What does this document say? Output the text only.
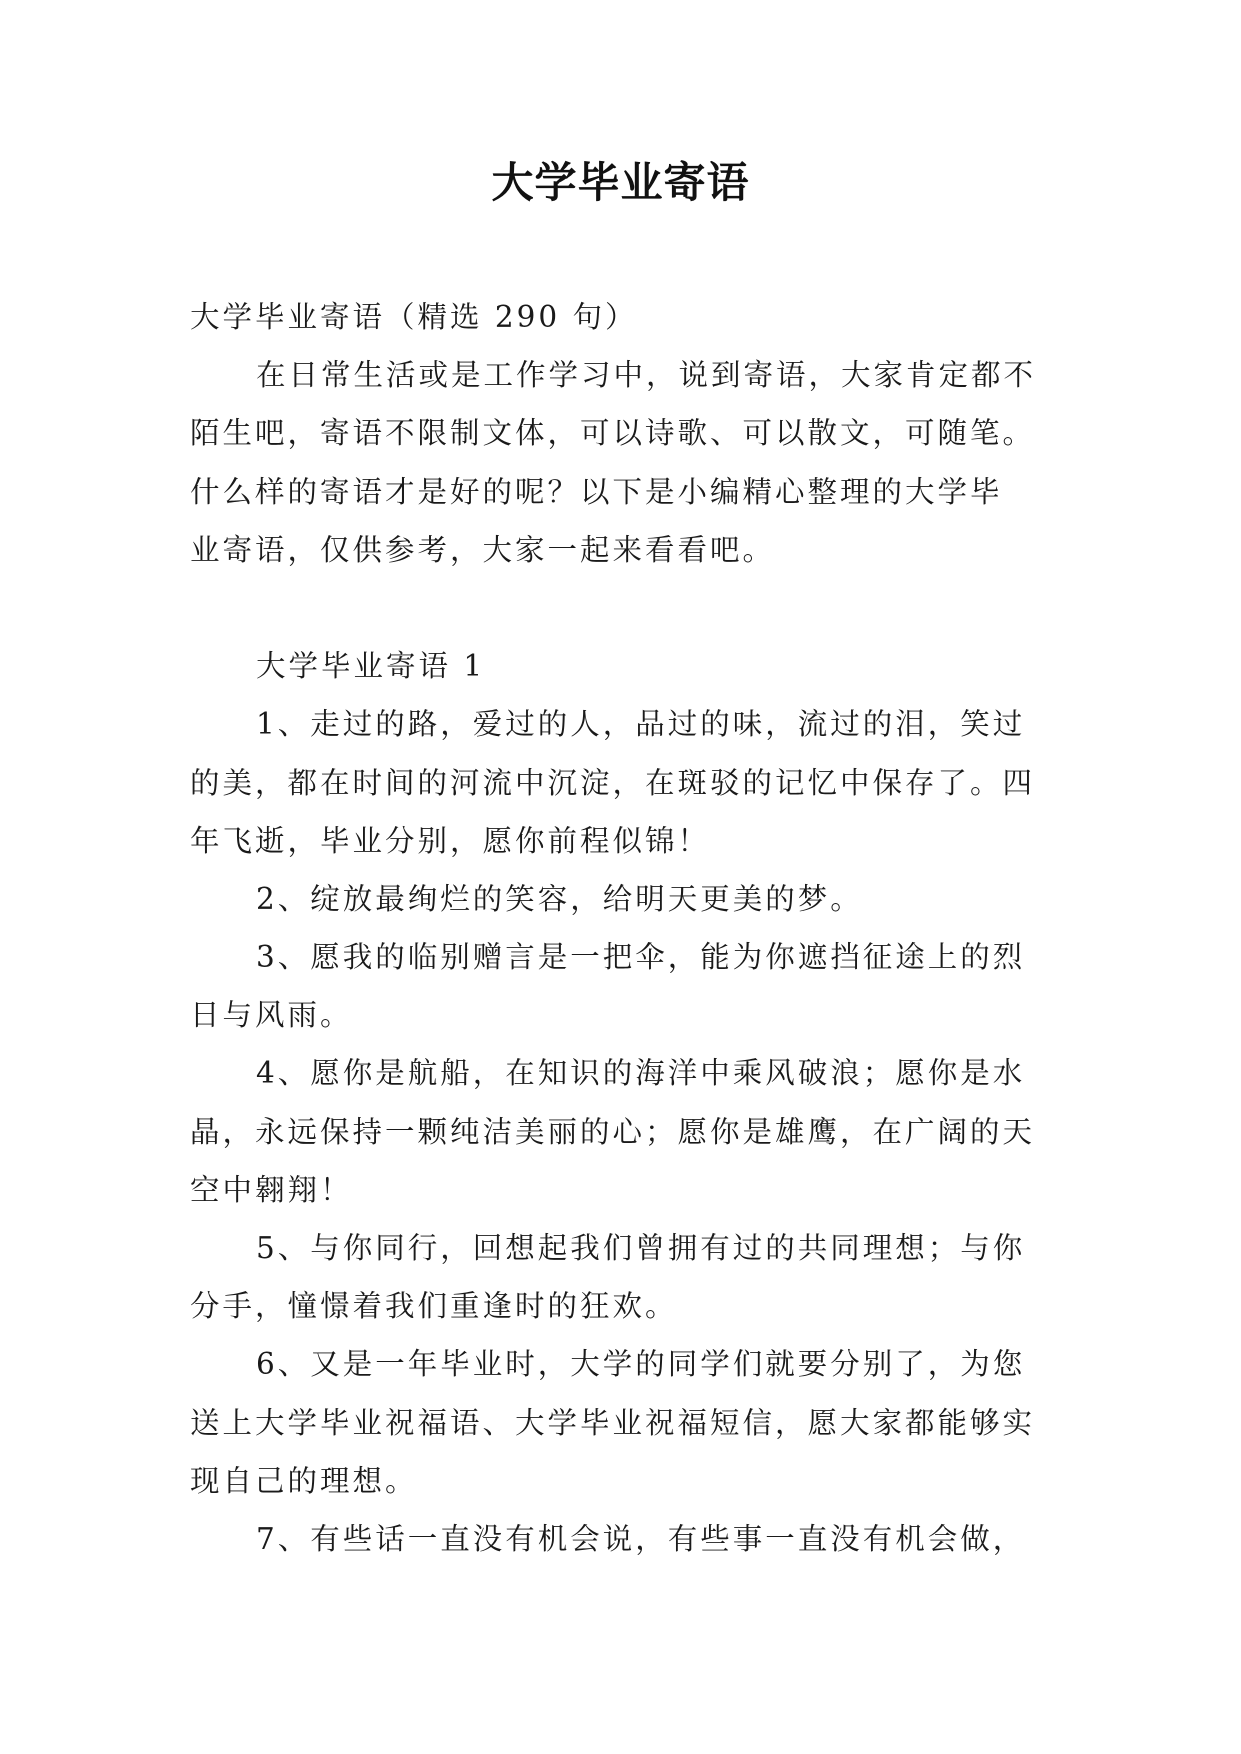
大学毕业寄语
大学毕业寄语（精选 290 句）
在日常生活或是工作学习中，说到寄语，大家肯定都不
陌生吧，寄语不限制文体，可以诗歌、可以散文，可随笔。
什么样的寄语才是好的呢？以下是小编精心整理的大学毕
业寄语，仅供参考，大家一起来看看吧。
大学毕业寄语 1
1、走过的路，爱过的人，品过的味，流过的泪，笑过
的美，都在时间的河流中沉淀，在斑驳的记忆中保存了。四
年飞逝，毕业分别，愿你前程似锦！
2、绽放最绚烂的笑容，给明天更美的梦。
3、愿我的临别赠言是一把伞，能为你遮挡征途上的烈
日与风雨。
4、愿你是航船，在知识的海洋中乘风破浪；愿你是水
晶，永远保持一颗纯洁美丽的心；愿你是雄鹰，在广阔的天
空中翱翔！
5、与你同行，回想起我们曾拥有过的共同理想；与你
分手，憧憬着我们重逢时的狂欢。
6、又是一年毕业时，大学的同学们就要分别了，为您
送上大学毕业祝福语、大学毕业祝福短信，愿大家都能够实
现自己的理想。
7、有些话一直没有机会说，有些事一直没有机会做，
